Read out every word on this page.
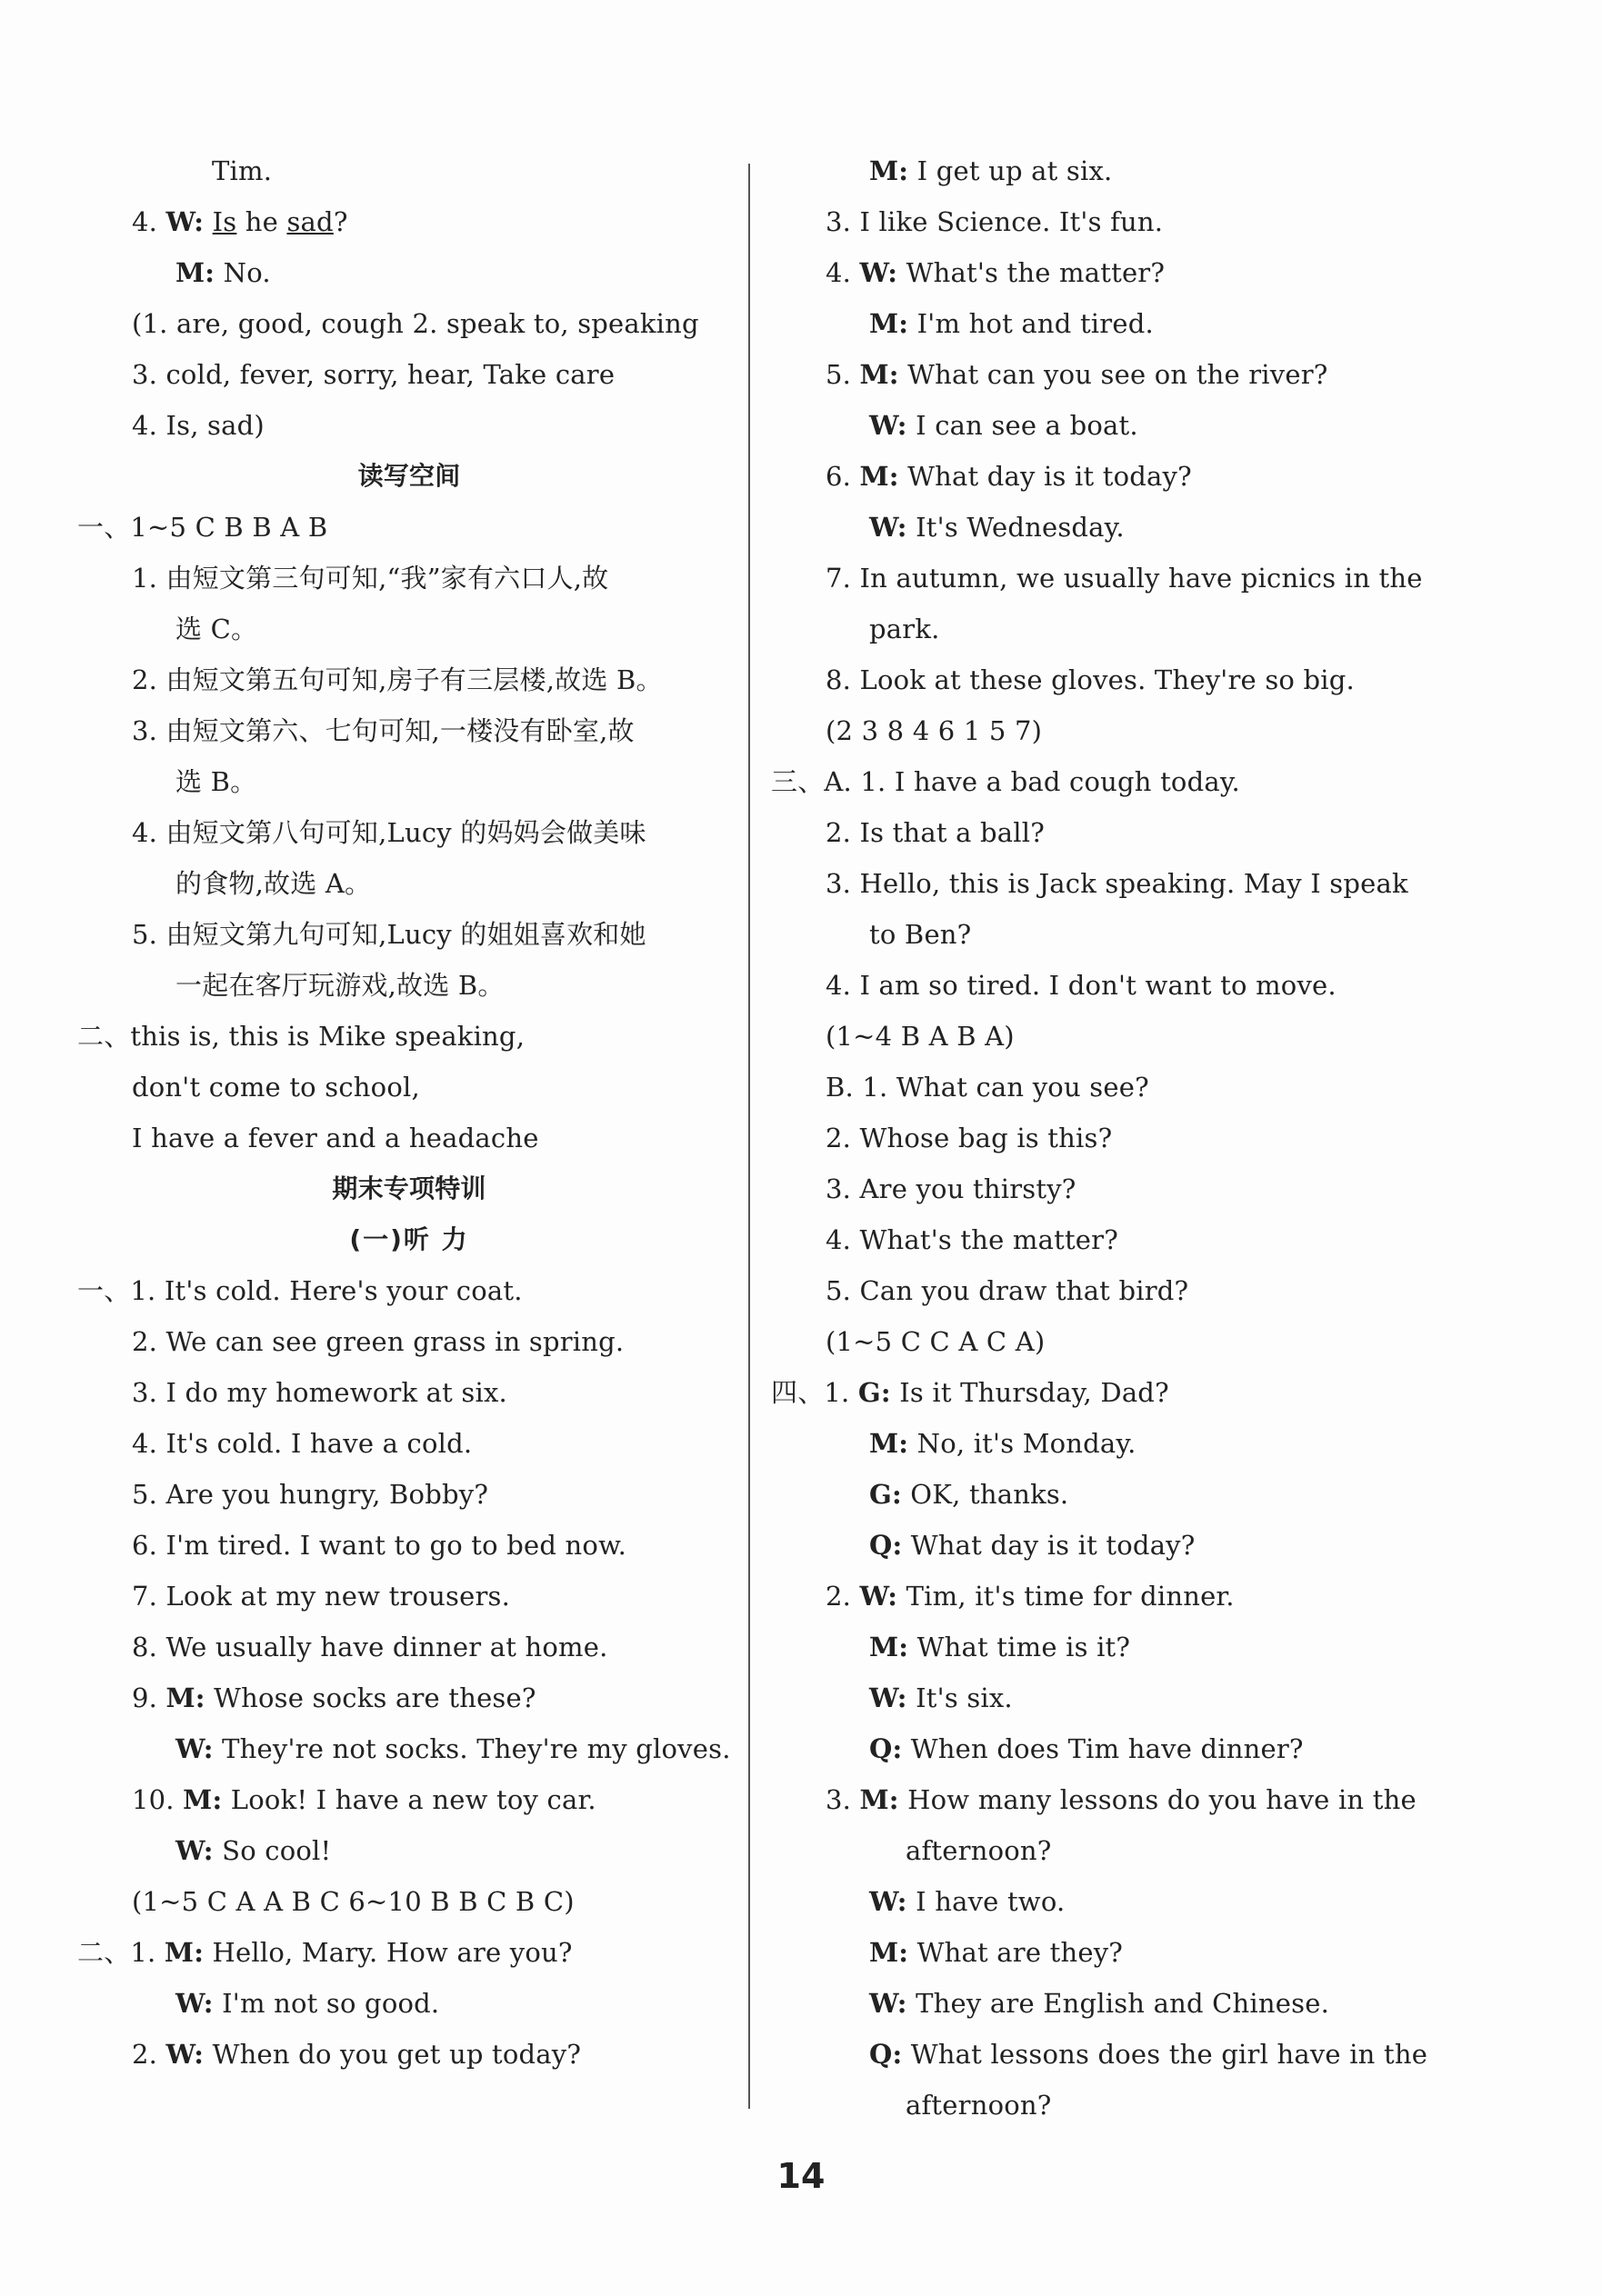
Tim.
4. W: Is he sad?
M: No.
(1. are, good, cough 2. speak to, speaking
3. cold, fever, sorry, hear, Take care
4. Is, sad)
读写空间
一、1~5 C B B A B
1. 由短文第三句可知,“我”家有六口人,故
选 C。
2. 由短文第五句可知,房子有三层楼,故选 B。
3. 由短文第六、七句可知,一楼没有卧室,故
选 B。
4. 由短文第八句可知,Lucy 的妈妈会做美味
的食物,故选 A。
5. 由短文第九句可知,Lucy 的姐姐喜欢和她
一起在客厅玩游戏,故选 B。
二、this is, this is Mike speaking,
don't come to school,
I have a fever and a headache
期末专项特训
(一)听 力
一、1. It's cold. Here's your coat.
2. We can see green grass in spring.
3. I do my homework at six.
4. It's cold. I have a cold.
5. Are you hungry, Bobby?
6. I'm tired. I want to go to bed now.
7. Look at my new trousers.
8. We usually have dinner at home.
9. M: Whose socks are these?
W: They're not socks. They're my gloves.
10. M: Look! I have a new toy car.
W: So cool!
(1~5 C A A B C 6~10 B B C B C)
二、1. M: Hello, Mary. How are you?
W: I'm not so good.
2. W: When do you get up today?
M: I get up at six.
3. I like Science. It's fun.
4. W: What's the matter?
M: I'm hot and tired.
5. M: What can you see on the river?
W: I can see a boat.
6. M: What day is it today?
W: It's Wednesday.
7. In autumn, we usually have picnics in the
park.
8. Look at these gloves. They're so big.
(2 3 8 4 6 1 5 7)
三、A. 1. I have a bad cough today.
2. Is that a ball?
3. Hello, this is Jack speaking. May I speak
to Ben?
4. I am so tired. I don't want to move.
(1~4 B A B A)
B. 1. What can you see?
2. Whose bag is this?
3. Are you thirsty?
4. What's the matter?
5. Can you draw that bird?
(1~5 C C A C A)
四、1. G: Is it Thursday, Dad?
M: No, it's Monday.
G: OK, thanks.
Q: What day is it today?
2. W: Tim, it's time for dinner.
M: What time is it?
W: It's six.
Q: When does Tim have dinner?
3. M: How many lessons do you have in the
afternoon?
W: I have two.
M: What are they?
W: They are English and Chinese.
Q: What lessons does the girl have in the
afternoon?
14
